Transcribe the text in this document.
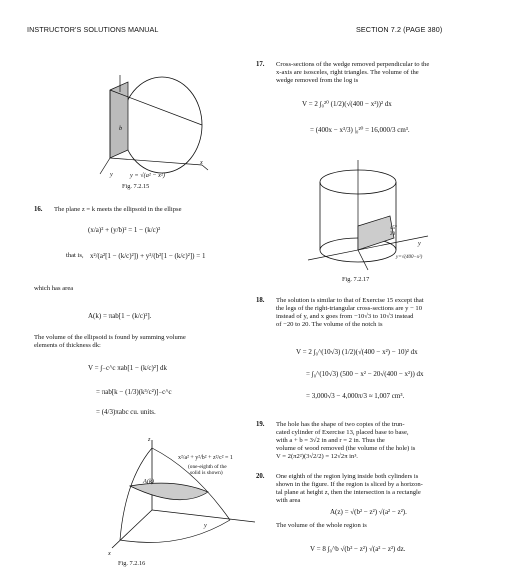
INSTRUCTOR'S SOLUTIONS MANUAL	SECTION 7.2 (PAGE 380)
b
x
y	y = √(a² − x²)
Fig. 7.2.15
16. The plane z = k meets the ellipsoid in the ellipse
(x/a)² + (y/b)² = 1 − (k/c)²
that is, x²/(a²[1 − (k/c)²]) + y²/(b²[1 − (k/c)²]) = 1
which has area
A(k) = πab[1 − (k/c)²].
The volume of the ellipsoid is found by summing volume
elements of thickness dk:
V = ∫₋c^c πab[1 − (k/c)²] dk
= πab[k − (1/3)(k³/c²)]₋c^c
= (4/3)πabc cu. units.
A(k)
x²/a² + y²/b² + z²/c² = 1
(one-eighth of the
solid is shown)
y
x
z
Fig. 7.2.16
17. Cross-sections of the wedge removed perpendicular to the
x-axis are isosceles, right triangles. The volume of the
wedge removed from the log is
V = 2 ∫₀²⁰ (1/2)(√(400 − x²))² dx
= (400x − x³/3) |₀²⁰ = 16,000/3 cm³.
45°
20
y
y=√(400−x²)
Fig. 7.2.17
18. The solution is similar to that of Exercise 15 except that
the legs of the right-triangular cross-sections are y − 10
instead of y, and x goes from −10√3 to 10√3 instead
of −20 to 20. The volume of the notch is
V = 2 ∫₀^(10√3) (1/2)(√(400 − x²) − 10)² dx
= ∫₀^(10√3) (500 − x² − 20√(400 − x²)) dx
= 3,000√3 − 4,000π/3 ≈ 1,007 cm³.
19. The hole has the shape of two copies of the trun-
cated cylinder of Exercise 13, placed base to base,
with a + b = 3√2 in and r = 2 in. Thus the
volume of wood removed (the volume of the hole) is
V = 2(π2²)(3√2/2) = 12√2π in³.
20. One eighth of the region lying inside both cylinders is
shown in the figure. If the region is sliced by a horizon-
tal plane at height z, then the intersection is a rectangle
with area
A(z) = √(b² − z²) √(a² − z²).
The volume of the whole region is
V = 8 ∫₀^b √(b² − z²) √(a² − z²) dz.
